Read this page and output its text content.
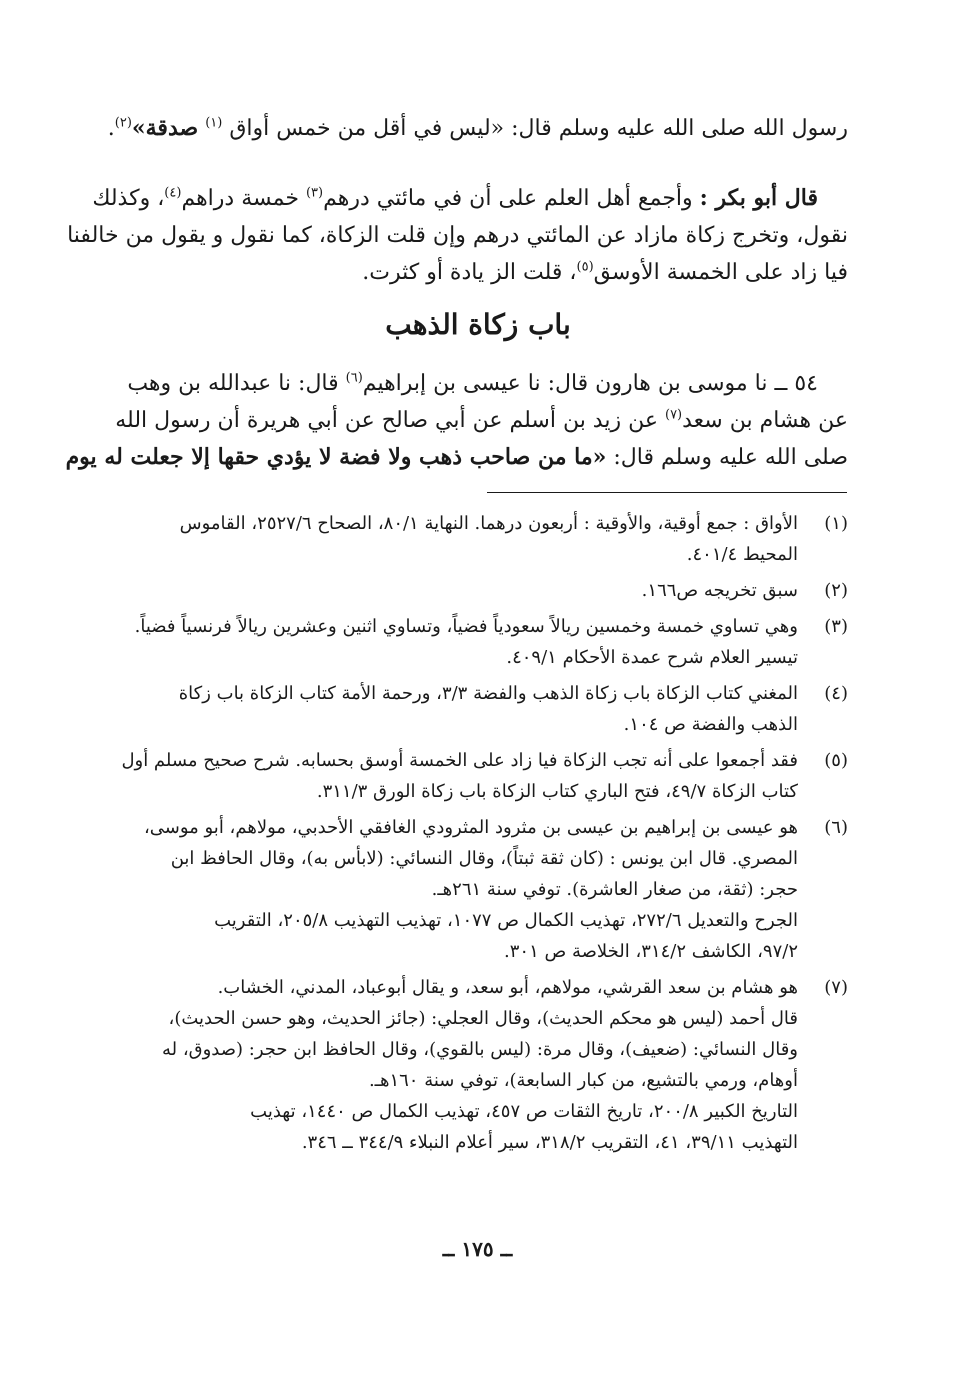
رسول الله صلى الله عليه وسلم قال: «ليس في أقل من خمس أواق $^{(١)}$ صدقة»$^{(٢)}$.
قال أبو بكر : وأجمع أهل العلم على أن في مائتي درهم$^{(٣)}$ خمسة دراهم$^{(٤)}$، وكذلك
نقول، وتخرج زكاة مازاد عن المائتي درهم وإن قلت الزكاة، كما نقول و يقول من خالفنا
فيا زاد على الخمسة الأوسق$^{(٥)}$، قلت الز يادة أو كثرت.
باب زكاة الذهب
٥٤ ــ نا موسى بن هارون قال: نا عيسى بن إبراهيم$^{(٦)}$ قال: نا عبدالله بن وهب
عن هشام بن سعد$^{(٧)}$ عن زيد بن أسلم عن أبي صالح عن أبي هريرة أن رسول الله
صلى الله عليه وسلم قال: «ما من صاحب ذهب ولا فضة لا يؤدي حقها إلا جعلت له يوم
(١)
الأواق : جمع أوقية، والأوقية : أربعون درهما. النهاية ٨٠/١، الصحاح ٢٥٢٧/٦، القاموس
المحيط ٤٠١/٤.
(٢)
سبق تخريجه ص١٦٦.
(٣)
وهي تساوي خمسة وخمسين ريالاً سعودياً فضياً، وتساوي اثنين وعشرين ريالاً فرنسياً فضياً.
تيسير العلام شرح عمدة الأحكام ٤٠٩/١.
(٤)
المغني كتاب الزكاة باب زكاة الذهب والفضة ٣/٣، ورحمة الأمة كتاب الزكاة باب زكاة
الذهب والفضة ص ١٠٤.
(٥)
فقد أجمعوا على أنه تجب الزكاة فيا زاد على الخمسة أوسق بحسابه. شرح صحيح مسلم أول
كتاب الزكاة ٤٩/٧، فتح الباري كتاب الزكاة باب زكاة الورق ٣١١/٣.
(٦)
هو عيسى بن إبراهيم بن عيسى بن مثرود المثرودي الغافقي الأحدبي، مولاهم، أبو موسى،
المصري. قال ابن يونس : (كان ثقة ثبتاً)، وقال النسائي: (لابأس به)، وقال الحافظ ابن
حجر: (ثقة، من صغار العاشرة). توفي سنة ٢٦١هـ.
الجرح والتعديل ٢٧٢/٦، تهذيب الكمال ص ١٠٧٧، تهذيب التهذيب ٢٠٥/٨، التقريب
٩٧/٢، الكاشف ٣١٤/٢، الخلاصة ص ٣٠١.
(٧)
هو هشام بن سعد القرشي، مولاهم، أبو سعد، و يقال أبوعباد، المدني، الخشاب.
قال أحمد (ليس هو محكم الحديث)، وقال العجلي: (جائز الحديث، وهو حسن الحديث)،
وقال النسائي: (ضعيف)، وقال مرة: (ليس بالقوي)، وقال الحافظ ابن حجر: (صدوق، له
أوهام، ورمي بالتشيع، من كبار السابعة)، توفي سنة ١٦٠هـ.
التاريخ الكبير ٢٠٠/٨، تاريخ الثقات ص ٤٥٧، تهذيب الكمال ص ١٤٤٠، تهذيب
التهذيب ٣٩/١١، ٤١، التقريب ٣١٨/٢، سير أعلام النبلاء ٣٤٤/٩ ــ ٣٤٦.
ــ ١٧٥ ــ
